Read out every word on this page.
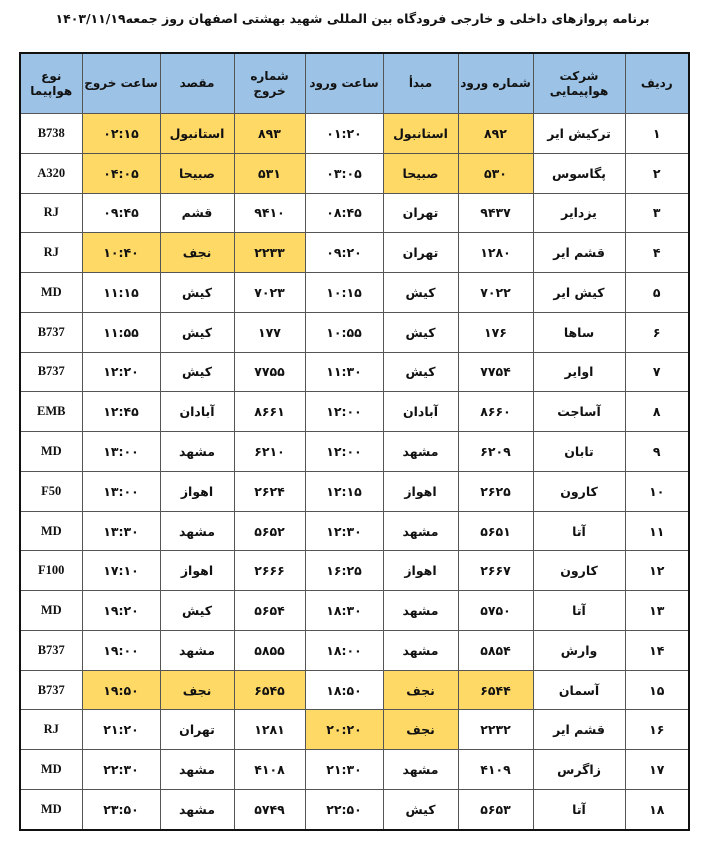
برنامه پروازهای داخلی و خارجی فرودگاه بین المللی شهید بهشتی اصفهان روز جمعه۱۴۰۳/۱۱/۱۹
ردیف	شرکت هواپیمایی	شماره ورود	مبدأ	ساعت ورود	شماره خروج	مقصد	ساعت خروج	نوع هواپیما
۱	ترکیش ایر	۸۹۲	استانبول	۰۱:۲۰	۸۹۳	استانبول	۰۲:۱۵	B738
۲	پگاسوس	۵۳۰	صبیحا	۰۳:۰۵	۵۳۱	صبیحا	۰۴:۰۵	A320
۳	یزدایر	۹۴۳۷	تهران	۰۸:۴۵	۹۴۱۰	قشم	۰۹:۴۵	RJ
۴	قشم ایر	۱۲۸۰	تهران	۰۹:۲۰	۲۲۳۳	نجف	۱۰:۴۰	RJ
۵	کیش ایر	۷۰۲۲	کیش	۱۰:۱۵	۷۰۲۳	کیش	۱۱:۱۵	MD
۶	ساها	۱۷۶	کیش	۱۰:۵۵	۱۷۷	کیش	۱۱:۵۵	B737
۷	اوایر	۷۷۵۴	کیش	۱۱:۳۰	۷۷۵۵	کیش	۱۲:۲۰	B737
۸	آساجت	۸۶۶۰	آبادان	۱۲:۰۰	۸۶۶۱	آبادان	۱۲:۴۵	EMB
۹	تابان	۶۲۰۹	مشهد	۱۲:۰۰	۶۲۱۰	مشهد	۱۳:۰۰	MD
۱۰	کارون	۲۶۲۵	اهواز	۱۲:۱۵	۲۶۲۴	اهواز	۱۳:۰۰	F50
۱۱	آتا	۵۶۵۱	مشهد	۱۲:۳۰	۵۶۵۲	مشهد	۱۳:۳۰	MD
۱۲	کارون	۲۶۶۷	اهواز	۱۶:۲۵	۲۶۶۶	اهواز	۱۷:۱۰	F100
۱۳	آتا	۵۷۵۰	مشهد	۱۸:۳۰	۵۶۵۴	کیش	۱۹:۲۰	MD
۱۴	وارش	۵۸۵۴	مشهد	۱۸:۰۰	۵۸۵۵	مشهد	۱۹:۰۰	B737
۱۵	آسمان	۶۵۴۴	نجف	۱۸:۵۰	۶۵۴۵	نجف	۱۹:۵۰	B737
۱۶	قشم ایر	۲۲۳۲	نجف	۲۰:۲۰	۱۲۸۱	تهران	۲۱:۲۰	RJ
۱۷	زاگرس	۴۱۰۹	مشهد	۲۱:۳۰	۴۱۰۸	مشهد	۲۲:۳۰	MD
۱۸	آتا	۵۶۵۳	کیش	۲۲:۵۰	۵۷۴۹	مشهد	۲۳:۵۰	MD
